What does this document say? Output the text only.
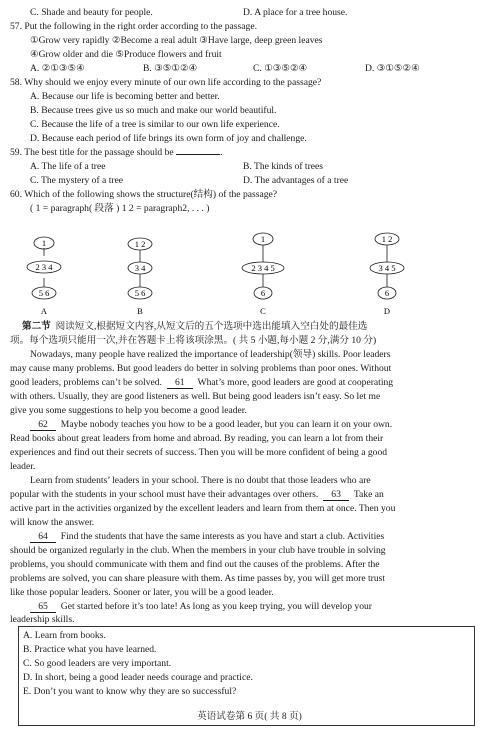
C. Shade and beauty for people.	D. A place for a tree house.
57. Put the following in the right order according to the passage.
①Grow very rapidly ②Become a real adult ③Have large, deep green leaves
④Grow older and die ⑤Produce flowers and fruit
A. ②①③⑤④	B. ③⑤①②④	C. ①③⑤②④	D. ③①⑤②④
58. Why should we enjoy every minute of our own life according to the passage?
A. Because our life is becoming better and better.
B. Because trees give us so much and make our world beautiful.
C. Because the life of a tree is similar to our own life experience.
D. Because each period of life brings its own form of joy and challenge.
59. The best title for the passage should be	.
A. The life of a tree	B. The kinds of trees
C. The mystery of a tree	D. The advantages of a tree
60. Which of the following shows the structure(结构) of the passage?
( 1 = paragraph( 段落 ) 1 2 = paragraph2, . . . )
1
2 3 4
5 6
A
1 2
3 4
5 6
B
1
2 3 4 5
6
C
1 2
3 4 5
6
D
第二节 阅读短文,根据短文内容,从短文后的五个选项中选出能填入空白处的最佳选
项。每个选项只能用一次,并在答题卡上将该项涂黑。( 共 5 小题,每小题 2 分,满分 10 分)
Nowadays, many people have realized the importance of leadership(领导) skills. Poor leaders
may cause many problems. But good leaders do better in solving problems than poor ones. Without
good leaders, problems can’t be solved. 61 What’s more, good leaders are good at cooperating
with others. Usually, they are good listeners as well. But being good leaders isn’t easy. So let me
give you some suggestions to help you become a good leader.
62 Maybe nobody teaches you how to be a good leader, but you can learn it on your own.
Read books about great leaders from home and abroad. By reading, you can learn a lot from their
experiences and find out their secrets of success. Then you will be more confident of being a good
leader.
Learn from students’ leaders in your school. There is no doubt that those leaders who are
popular with the students in your school must have their advantages over others. 63 Take an
active part in the activities organized by the excellent leaders and learn from them at once. Then you
will know the answer.
64 Find the students that have the same interests as you have and start a club. Activities
should be organized regularly in the club. When the members in your club have trouble in solving
problems, you should communicate with them and find out the causes of the problems. After the
problems are solved, you can share pleasure with them. As time passes by, you will get more trust
like those popular leaders. Sooner or later, you will be a good leader.
65 Get started before it’s too late! As long as you keep trying, you will develop your
leadership skills.
A. Learn from books.
B. Practice what you have learned.
C. So good leaders are very important.
D. In short, being a good leader needs courage and practice.
E. Don’t you want to know why they are so successful?
英语试卷第 6 页( 共 8 页)
